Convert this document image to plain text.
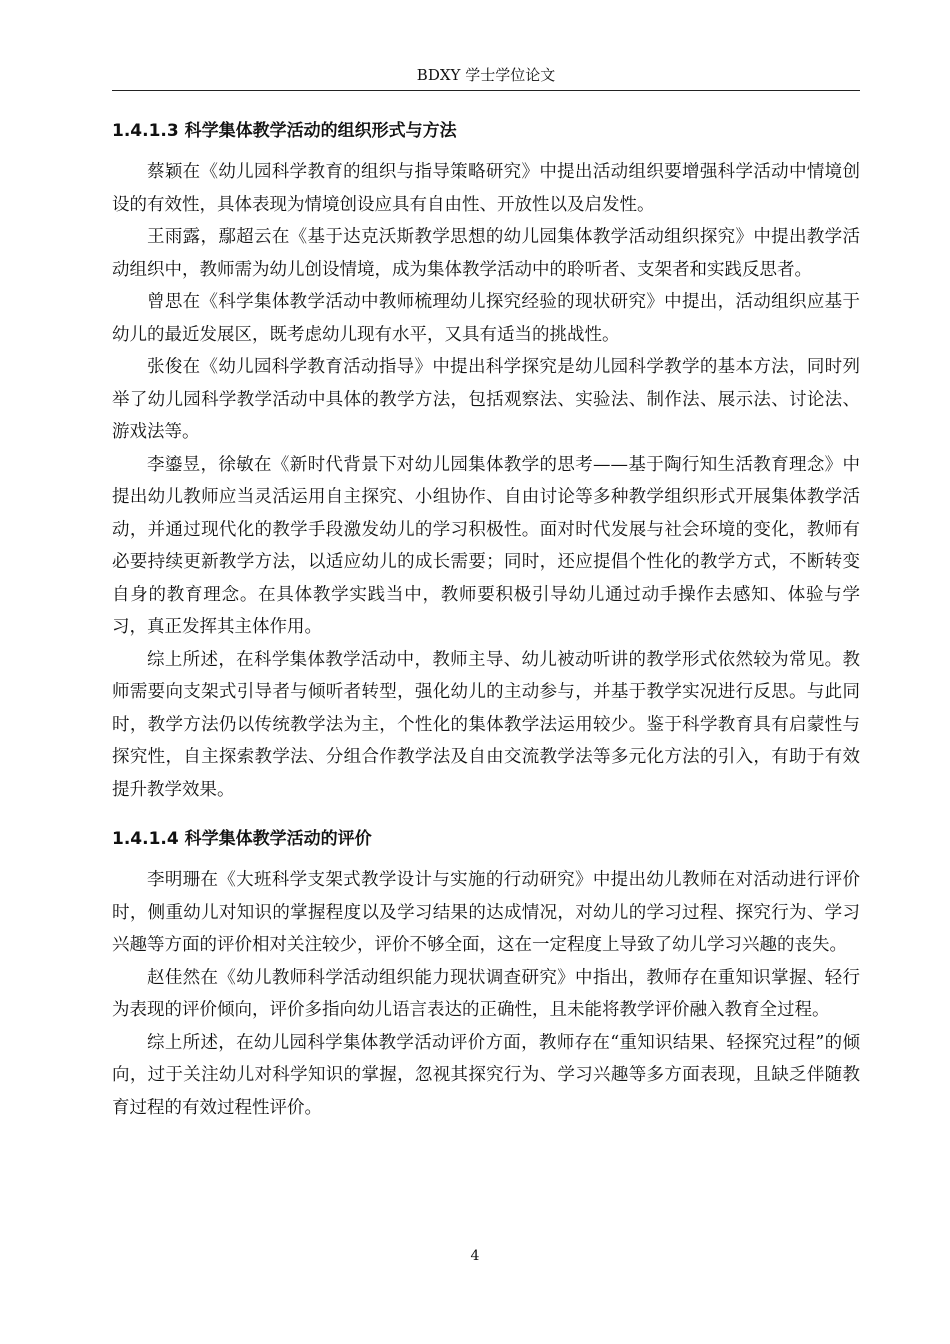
BDXY 学士学位论文
1.4.1.3 科学集体教学活动的组织形式与方法

蔡颖在《幼儿园科学教育的组织与指导策略研究》中提出活动组织要增强科学活动中情境创设的有效性，具体表现为情境创设应具有自由性、开放性以及启发性。

王雨露，鄢超云在《基于达克沃斯教学思想的幼儿园集体教学活动组织探究》中提出教学活动组织中，教师需为幼儿创设情境，成为集体教学活动中的聆听者、支架者和实践反思者。

曾思在《科学集体教学活动中教师梳理幼儿探究经验的现状研究》中提出，活动组织应基于幼儿的最近发展区，既考虑幼儿现有水平，又具有适当的挑战性。

张俊在《幼儿园科学教育活动指导》中提出科学探究是幼儿园科学教学的基本方法，同时列举了幼儿园科学教学活动中具体的教学方法，包括观察法、实验法、制作法、展示法、讨论法、游戏法等。

李鎏昱，徐敏在《新时代背景下对幼儿园集体教学的思考——基于陶行知生活教育理念》中提出幼儿教师应当灵活运用自主探究、小组协作、自由讨论等多种教学组织形式开展集体教学活动，并通过现代化的教学手段激发幼儿的学习积极性。面对时代发展与社会环境的变化，教师有必要持续更新教学方法，以适应幼儿的成长需要；同时，还应提倡个性化的教学方式，不断转变自身的教育理念。在具体教学实践当中，教师要积极引导幼儿通过动手操作去感知、体验与学习，真正发挥其主体作用。

综上所述，在科学集体教学活动中，教师主导、幼儿被动听讲的教学形式依然较为常见。教师需要向支架式引导者与倾听者转型，强化幼儿的主动参与，并基于教学实况进行反思。与此同时，教学方法仍以传统教学法为主，个性化的集体教学法运用较少。鉴于科学教育具有启蒙性与探究性，自主探索教学法、分组合作教学法及自由交流教学法等多元化方法的引入，有助于有效提升教学效果。

1.4.1.4 科学集体教学活动的评价

李明珊在《大班科学支架式教学设计与实施的行动研究》中提出幼儿教师在对活动进行评价时，侧重幼儿对知识的掌握程度以及学习结果的达成情况，对幼儿的学习过程、探究行为、学习兴趣等方面的评价相对关注较少，评价不够全面，这在一定程度上导致了幼儿学习兴趣的丧失。

赵佳然在《幼儿教师科学活动组织能力现状调查研究》中指出，教师存在重知识掌握、轻行为表现的评价倾向，评价多指向幼儿语言表达的正确性，且未能将教学评价融入教育全过程。

综上所述，在幼儿园科学集体教学活动评价方面，教师存在“重知识结果、轻探究过程”的倾向，过于关注幼儿对科学知识的掌握，忽视其探究行为、学习兴趣等多方面表现，且缺乏伴随教育过程的有效过程性评价。

4
